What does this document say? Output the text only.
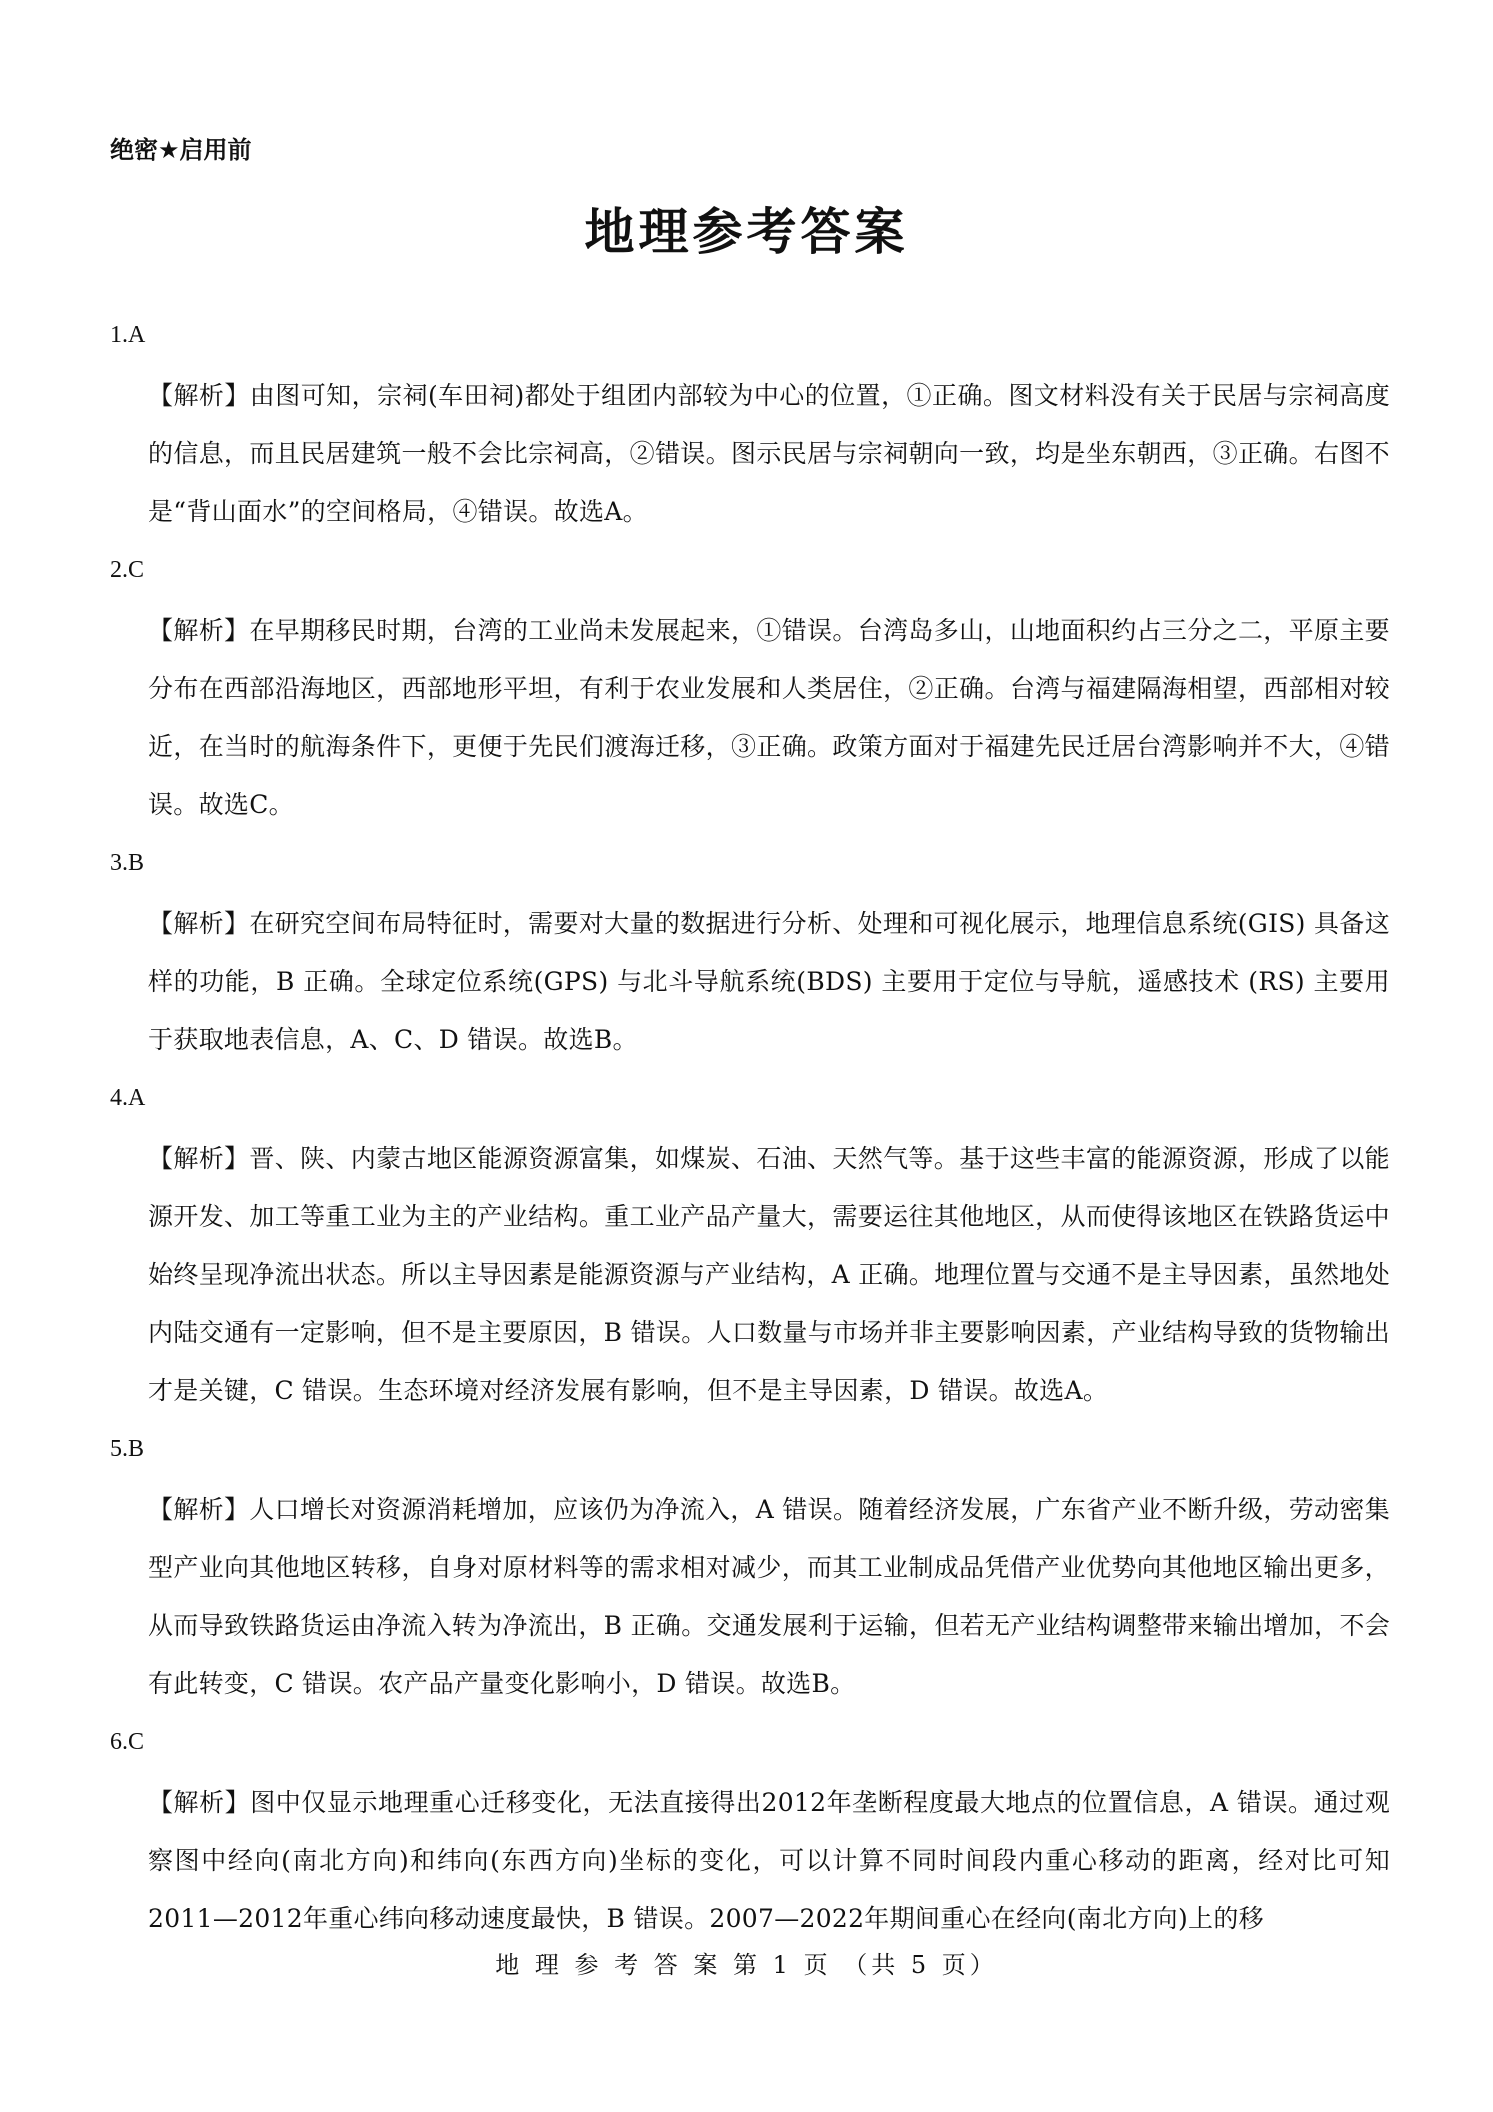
绝密★启用前
地理参考答案
1.A
【解析】由图可知，宗祠(车田祠)都处于组团内部较为中心的位置，①正确。图文材料没有关于民居与宗祠高度的信息，而且民居建筑一般不会比宗祠高，②错误。图示民居与宗祠朝向一致，均是坐东朝西，③正确。右图不是“背山面水”的空间格局，④错误。故选A。
2.C
【解析】在早期移民时期，台湾的工业尚未发展起来，①错误。台湾岛多山，山地面积约占三分之二，平原主要分布在西部沿海地区，西部地形平坦，有利于农业发展和人类居住，②正确。台湾与福建隔海相望，西部相对较近，在当时的航海条件下，更便于先民们渡海迁移，③正确。政策方面对于福建先民迁居台湾影响并不大，④错误。故选C。
3.B
【解析】在研究空间布局特征时，需要对大量的数据进行分析、处理和可视化展示，地理信息系统(GIS) 具备这样的功能，B 正确。全球定位系统(GPS) 与北斗导航系统(BDS) 主要用于定位与导航，遥感技术 (RS) 主要用于获取地表信息，A、C、D 错误。故选B。
4.A
【解析】晋、陕、内蒙古地区能源资源富集，如煤炭、石油、天然气等。基于这些丰富的能源资源，形成了以能源开发、加工等重工业为主的产业结构。重工业产品产量大，需要运往其他地区，从而使得该地区在铁路货运中始终呈现净流出状态。所以主导因素是能源资源与产业结构，A 正确。地理位置与交通不是主导因素，虽然地处内陆交通有一定影响，但不是主要原因，B 错误。人口数量与市场并非主要影响因素，产业结构导致的货物输出才是关键，C 错误。生态环境对经济发展有影响，但不是主导因素，D 错误。故选A。
5.B
【解析】人口增长对资源消耗增加，应该仍为净流入，A 错误。随着经济发展，广东省产业不断升级，劳动密集型产业向其他地区转移，自身对原材料等的需求相对减少，而其工业制成品凭借产业优势向其他地区输出更多，从而导致铁路货运由净流入转为净流出，B 正确。交通发展利于运输，但若无产业结构调整带来输出增加，不会有此转变，C 错误。农产品产量变化影响小，D 错误。故选B。
6.C
【解析】图中仅显示地理重心迁移变化，无法直接得出2012年垄断程度最大地点的位置信息，A 错误。通过观察图中经向(南北方向)和纬向(东西方向)坐标的变化，可以计算不同时间段内重心移动的距离，经对比可知2011—2012年重心纬向移动速度最快，B 错误。2007—2022年期间重心在经向(南北方向)上的移
地 理 参 考 答 案 第 1 页 （共 5 页）
